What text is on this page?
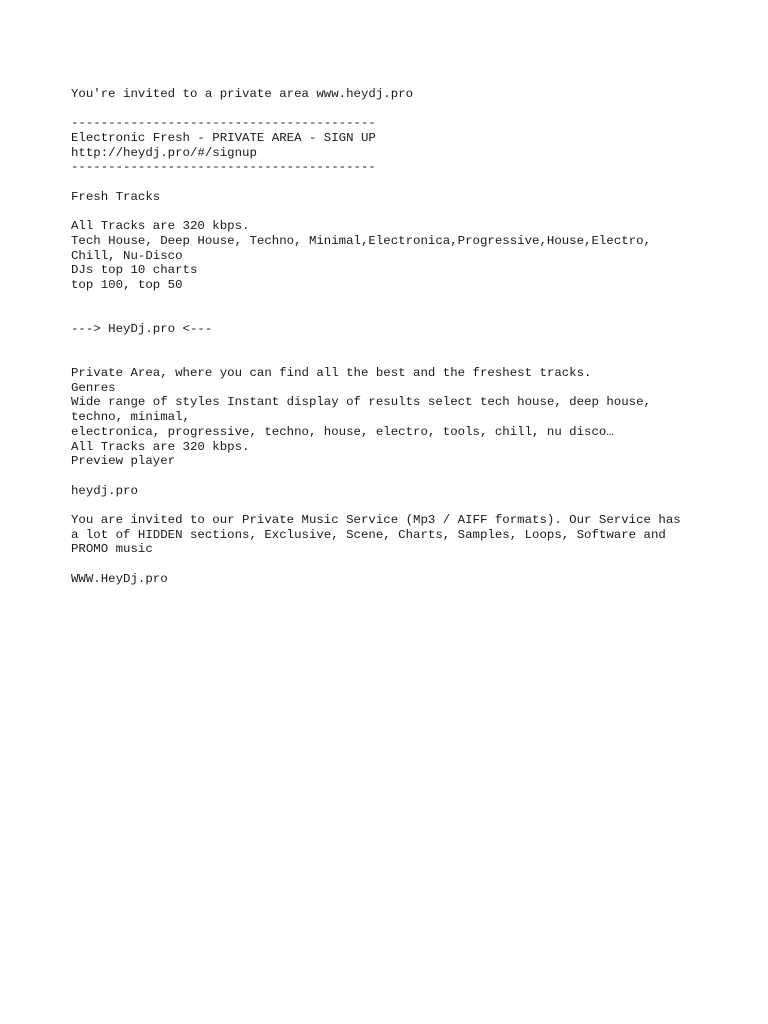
You're invited to a private area www.heydj.pro
-----------------------------------------
Electronic Fresh - PRIVATE AREA - SIGN UP
http://heydj.pro/#/signup
-----------------------------------------
Fresh Tracks
All Tracks are 320 kbps.
Tech House, Deep House, Techno, Minimal,Electronica,Progressive,House,Electro,
Chill, Nu-Disco
DJs top 10 charts
top 100, top 50
---> HeyDj.pro <---
Private Area, where you can find all the best and the freshest tracks.
Genres
Wide range of styles Instant display of results select tech house, deep house,
techno, minimal,
electronica, progressive, techno, house, electro, tools, chill, nu disco…
All Tracks are 320 kbps.
Preview player
heydj.pro
You are invited to our Private Music Service (Mp3 / AIFF formats). Our Service has
a lot of HIDDEN sections, Exclusive, Scene, Charts, Samples, Loops, Software and
PROMO music
WWW.HeyDj.pro
